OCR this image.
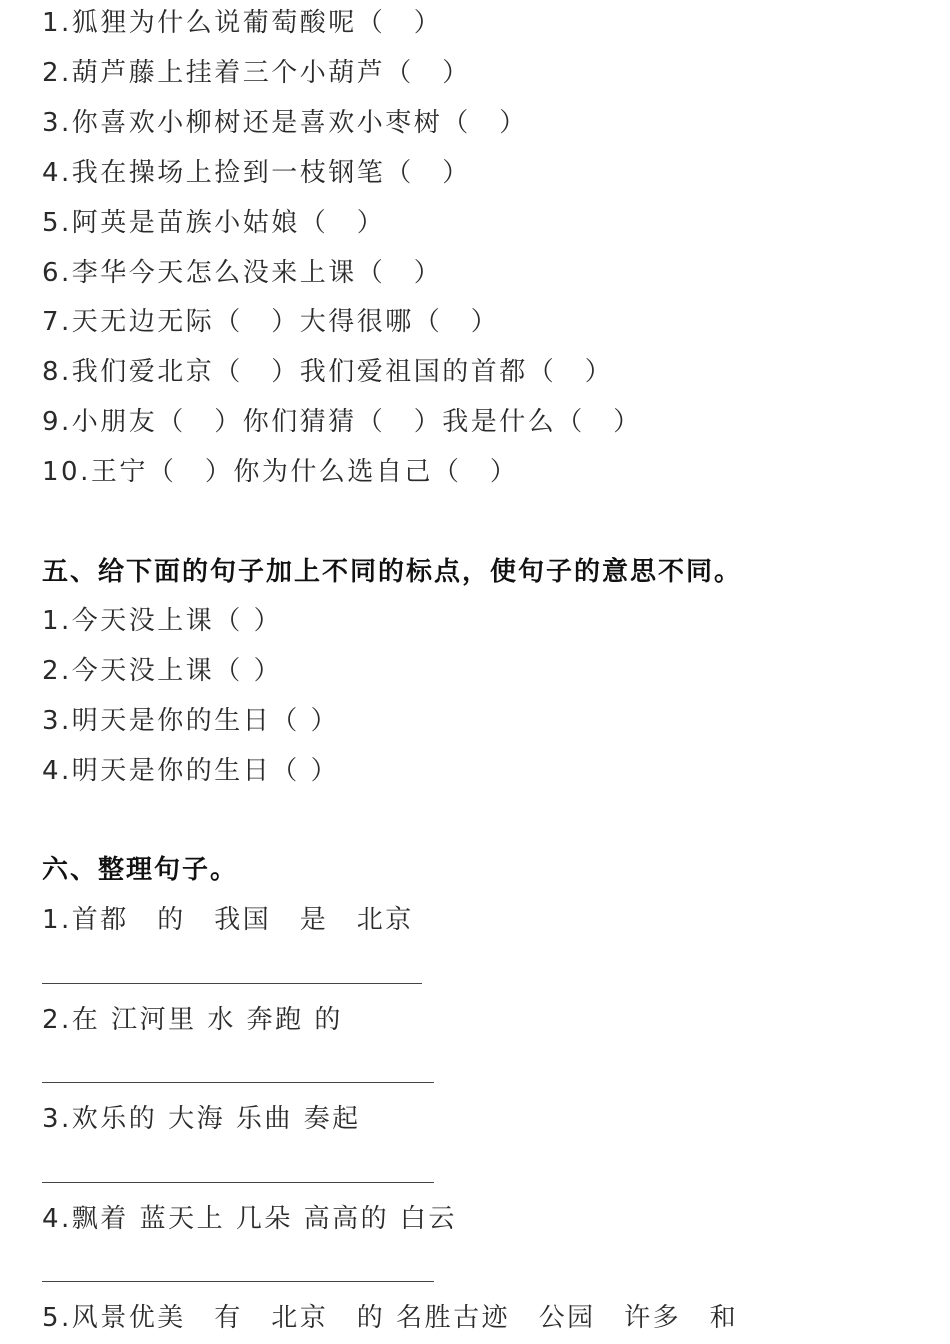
1.狐狸为什么说葡萄酸呢（　）
2.葫芦藤上挂着三个小葫芦（　）
3.你喜欢小柳树还是喜欢小枣树（　）
4.我在操场上捡到一枝钢笔（　）
5.阿英是苗族小姑娘（　）
6.李华今天怎么没来上课（　）
7.天无边无际（　）大得很哪（　）
8.我们爱北京（　）我们爱祖国的首都（　）
9.小朋友（　）你们猜猜（　）我是什么（　）
10.王宁（　）你为什么选自己（　）
五、给下面的句子加上不同的标点，使句子的意思不同。
1.今天没上课（ ）
2.今天没上课（ ）
3.明天是你的生日（ ）
4.明天是你的生日（ ）
六、整理句子。
1.首都　的　我国　是　北京
2.在 江河里 水 奔跑 的
3.欢乐的 大海 乐曲 奏起
4.飘着 蓝天上 几朵 高高的 白云
5.风景优美　有　北京　的 名胜古迹　公园　许多　和
